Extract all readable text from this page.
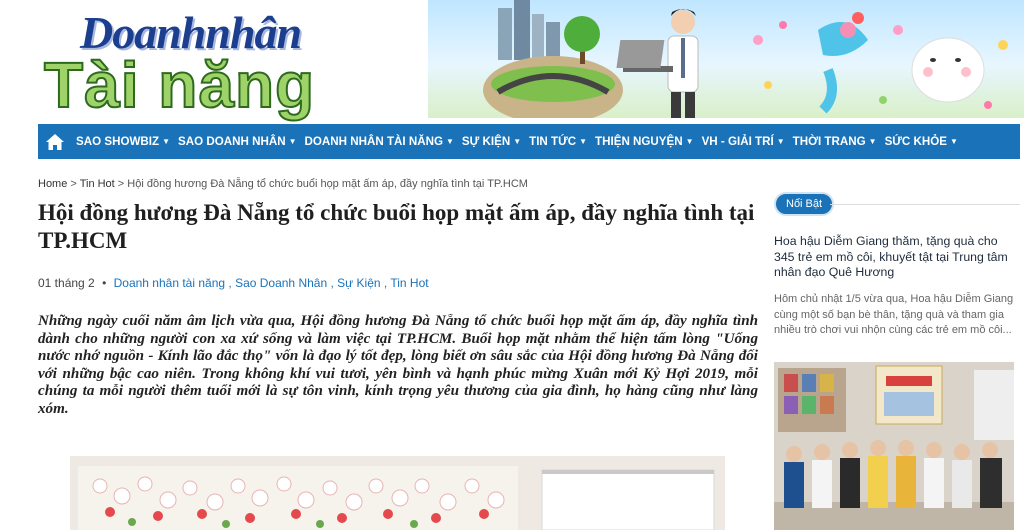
Doanhnhân
Tài năng
SAO SHOWBIZ ▼ SAO DOANH NHÂN ▼ DOANH NHÂN TÀI NĂNG ▼ SỰ KIỆN ▼ TIN TỨC ▼ THIỆN NGUYỆN ▼ VH - GIẢI TRÍ ▼ THỜI TRANG ▼ SỨC KHỎE ▼
Home > Tin Hot > Hội đồng hương Đà Nẵng tổ chức buổi họp mặt ấm áp, đầy nghĩa tình tại TP.HCM
Hội đồng hương Đà Nẵng tổ chức buổi họp mặt ấm áp, đầy nghĩa tình tại TP.HCM
01 tháng 2 • Doanh nhân tài năng , Sao Doanh Nhân , Sự Kiện , Tin Hot

Những ngày cuối năm âm lịch vừa qua, Hội đồng hương Đà Nẵng tổ chức buổi họp mặt ấm áp, đầy nghĩa tình dành cho những người con xa xứ sống và làm việc tại TP.HCM. Buổi họp mặt nhằm thể hiện tấm lòng "Uống nước nhớ nguồn - Kính lão đắc thọ" vốn là đạo lý tốt đẹp, lòng biết ơn sâu sắc của Hội đồng hương Đà Nẵng đối với những bậc cao niên. Trong không khí vui tươi, yên bình và hạnh phúc mừng Xuân mới Kỷ Hợi 2019, mỗi chúng ta mỗi người thêm tuổi mới là sự tôn vinh, kính trọng yêu thương của gia đình, họ hàng cũng như làng xóm.

Nổi Bật
Hoa hậu Diễm Giang thăm, tặng quà cho 345 trẻ em mồ côi, khuyết tật tại Trung tâm nhân đạo Quê Hương
Hôm chủ nhật 1/5 vừa qua, Hoa hậu Diễm Giang cùng một số bạn bè thân, tặng quà và tham gia nhiều trò chơi vui nhộn cùng các trẻ em mồ côi...
